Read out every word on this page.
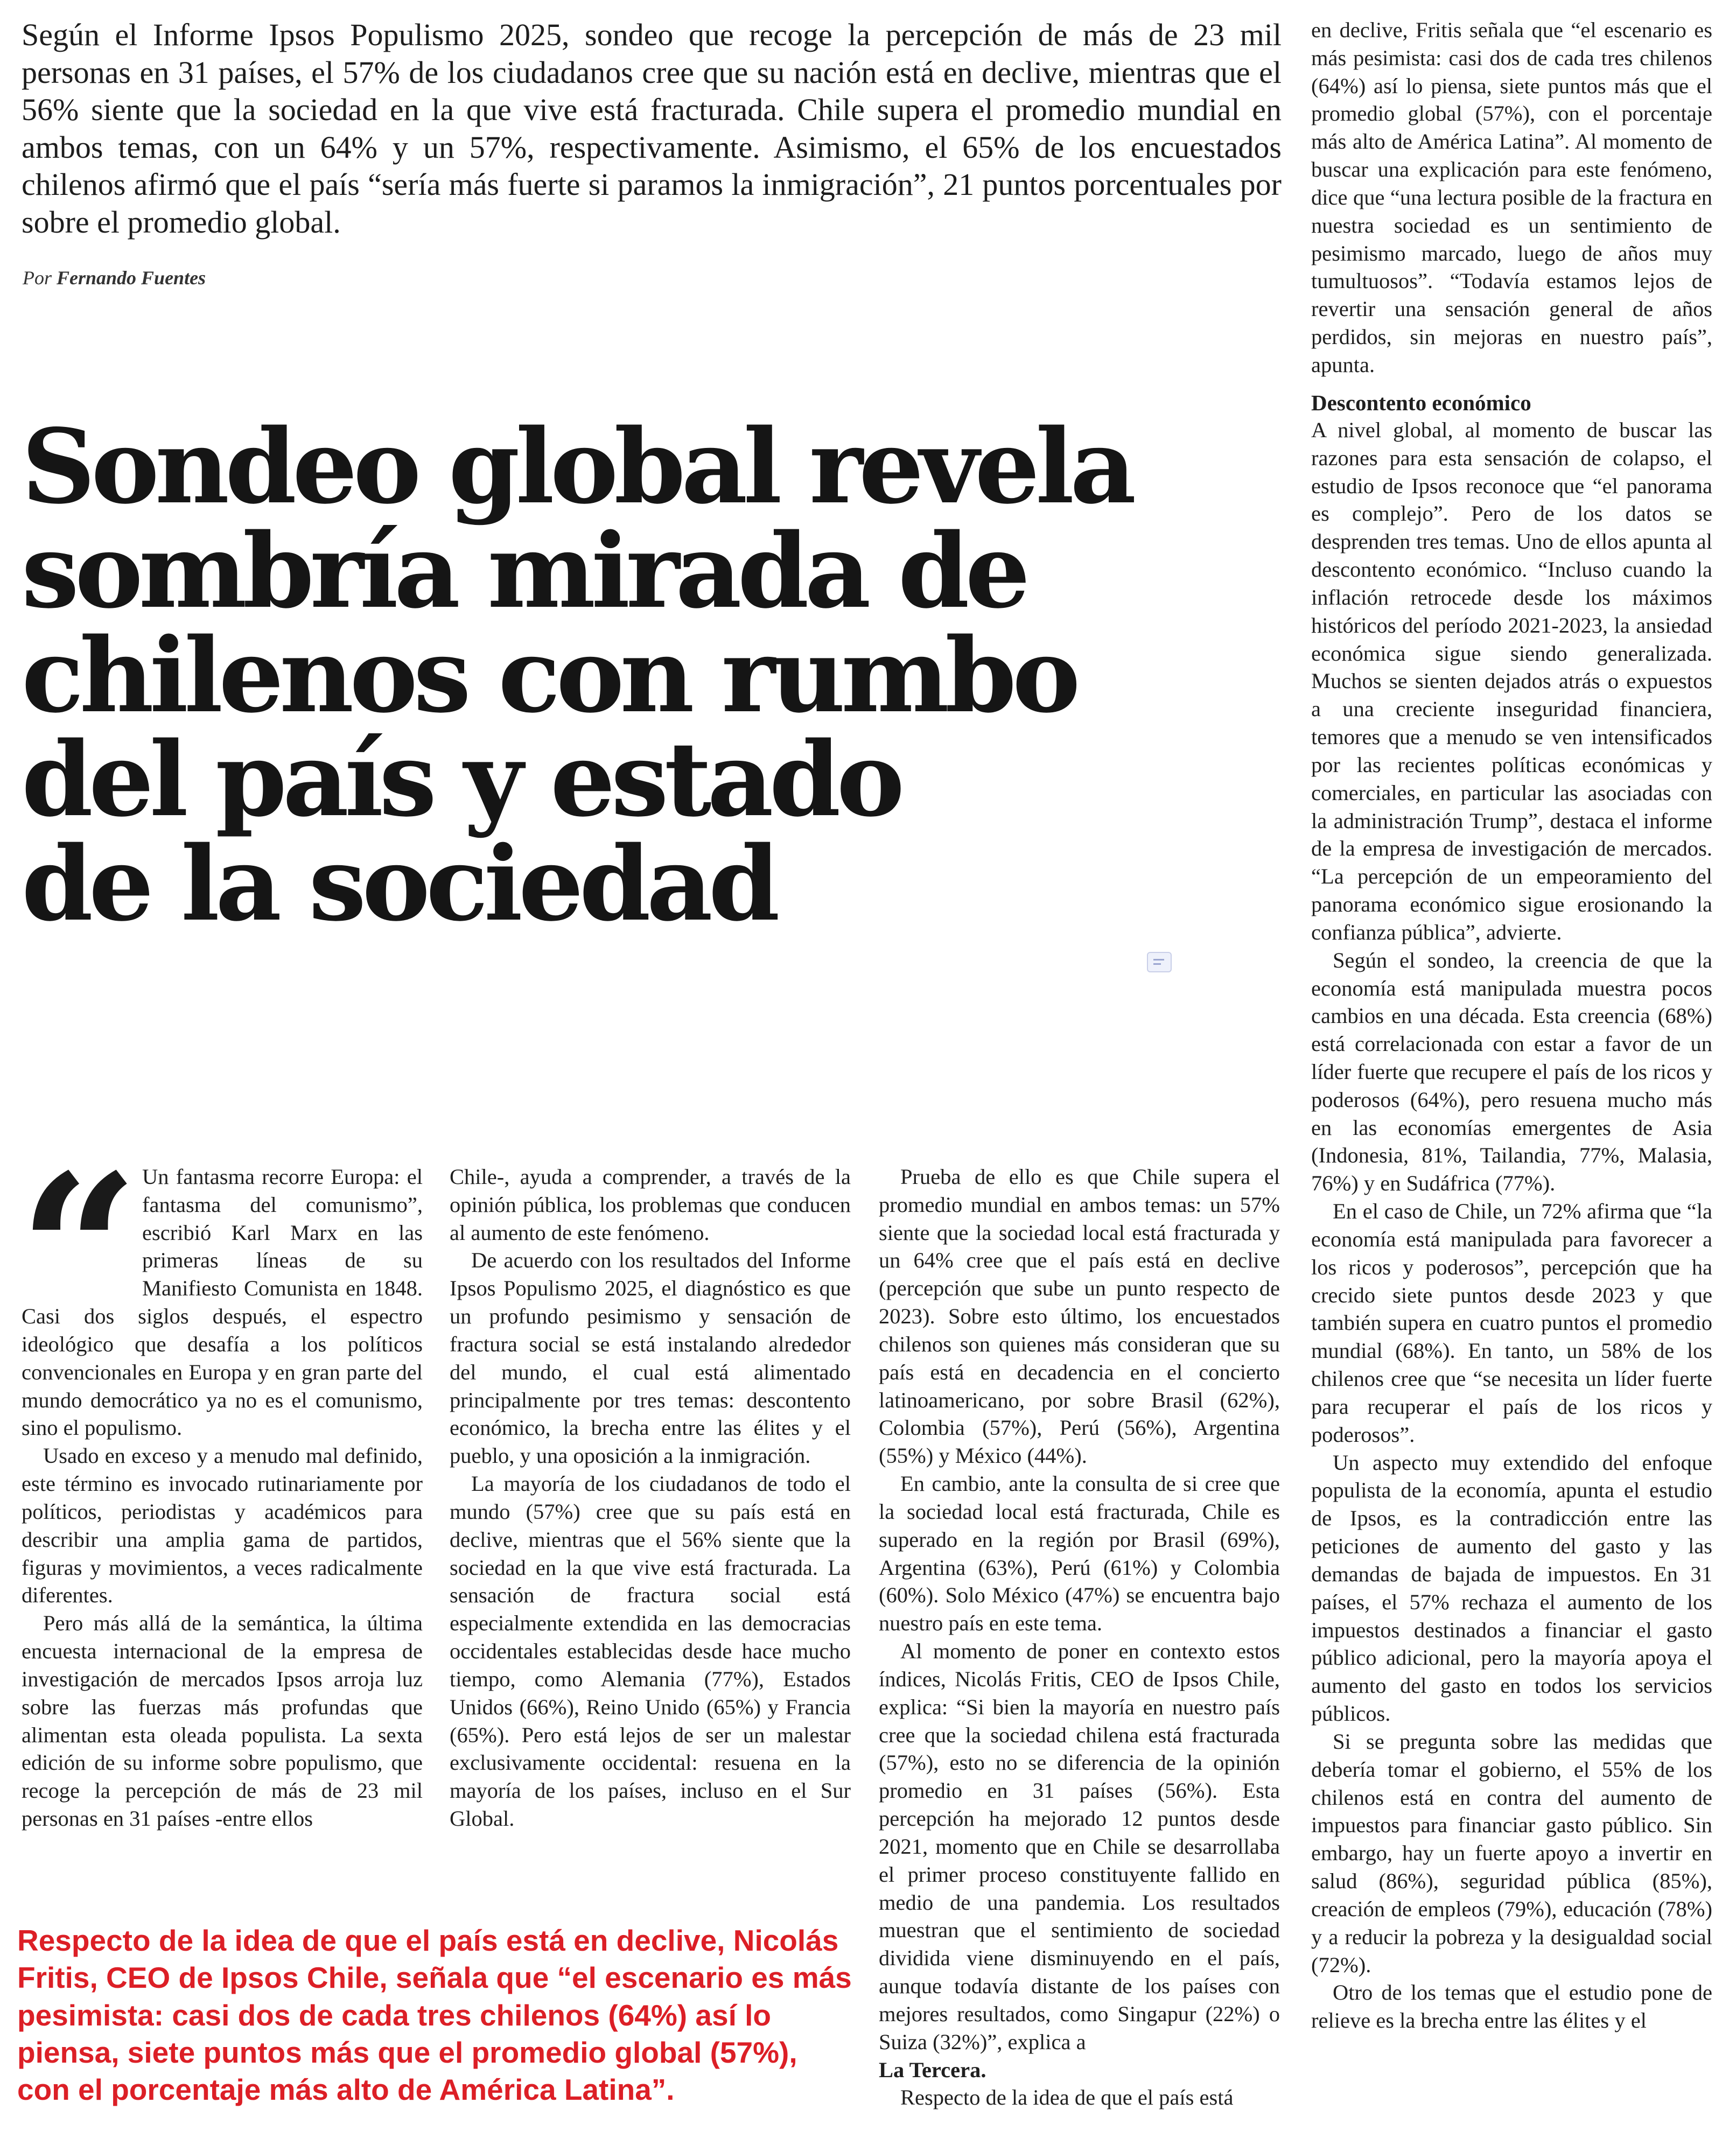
Según el Informe Ipsos Populismo 2025, sondeo que recoge la percepción de más de 23 mil personas en 31 países, el 57% de los ciudadanos cree que su nación está en declive, mientras que el 56% siente que la sociedad en la que vive está fracturada. Chile supera el promedio mundial en ambos temas, con un 64% y un 57%, respectivamente. Asimismo, el 65% de los encuestados chilenos afirmó que el país “sería más fuerte si paramos la inmigración”, 21 puntos porcentuales por sobre el promedio global.
Por Fernando Fuentes
Sondeo global revela
sombría mirada de
chilenos con rumbo
del país y estado
de la sociedad
“ Un fantasma recorre Europa: el fantasma del comunismo”, escribió Karl Marx en las primeras líneas de su Manifiesto Comunista en 1848. Casi dos siglos después, el espectro ideológico que desafía a los políticos convencionales en Europa y en gran parte del mundo democrático ya no es el comunismo, sino el populismo.

Usado en exceso y a menudo mal definido, este término es invocado rutinariamente por políticos, periodistas y académicos para describir una amplia gama de partidos, figuras y movimientos, a veces radicalmente diferentes.

Pero más allá de la semántica, la última encuesta internacional de la empresa de investigación de mercados Ipsos arroja luz sobre las fuerzas más profundas que alimentan esta oleada populista. La sexta edición de su informe sobre populismo, que recoge la percepción de más de 23 mil personas en 31 países -entre ellos

Chile-, ayuda a comprender, a través de la opinión pública, los problemas que conducen al aumento de este fenómeno.

De acuerdo con los resultados del Informe Ipsos Populismo 2025, el diagnóstico es que un profundo pesimismo y sensación de fractura social se está instalando alrededor del mundo, el cual está alimentado principalmente por tres temas: descontento económico, la brecha entre las élites y el pueblo, y una oposición a la inmigración.

La mayoría de los ciudadanos de todo el mundo (57%) cree que su país está en declive, mientras que el 56% siente que la sociedad en la que vive está fracturada. La sensación de fractura social está especialmente extendida en las democracias occidentales establecidas desde hace mucho tiempo, como Alemania (77%), Estados Unidos (66%), Reino Unido (65%) y Francia (65%). Pero está lejos de ser un malestar exclusivamente occidental: resuena en la mayoría de los países, incluso en el Sur Global.

Prueba de ello es que Chile supera el promedio mundial en ambos temas: un 57% siente que la sociedad local está fracturada y un 64% cree que el país está en declive (percepción que sube un punto respecto de 2023). Sobre esto último, los encuestados chilenos son quienes más consideran que su país está en decadencia en el concierto latinoamericano, por sobre Brasil (62%), Colombia (57%), Perú (56%), Argentina (55%) y México (44%).

En cambio, ante la consulta de si cree que la sociedad local está fracturada, Chile es superado en la región por Brasil (69%), Argentina (63%), Perú (61%) y Colombia (60%). Solo México (47%) se encuentra bajo nuestro país en este tema.

Al momento de poner en contexto estos índices, Nicolás Fritis, CEO de Ipsos Chile, explica: “Si bien la mayoría en nuestro país cree que la sociedad chilena está fracturada (57%), esto no se diferencia de la opinión promedio en 31 países (56%). Esta percepción ha mejorado 12 puntos desde 2021, momento que en Chile se desarrollaba el primer proceso constituyente fallido en medio de una pandemia. Los resultados muestran que el sentimiento de sociedad dividida viene disminuyendo en el país, aunque todavía distante de los países con mejores resultados, como Singapur (22%) o Suiza (32%)”, explica a
La Tercera.

Respecto de la idea de que el país está

en declive, Fritis señala que “el escenario es más pesimista: casi dos de cada tres chilenos (64%) así lo piensa, siete puntos más que el promedio global (57%), con el porcentaje más alto de América Latina”. Al momento de buscar una explicación para este fenómeno, dice que “una lectura posible de la fractura en nuestra sociedad es un sentimiento de pesimismo marcado, luego de años muy tumultuosos”. “Todavía estamos lejos de revertir una sensación general de años perdidos, sin mejoras en nuestro país”, apunta.

Descontento económico

A nivel global, al momento de buscar las razones para esta sensación de colapso, el estudio de Ipsos reconoce que “el panorama es complejo”. Pero de los datos se desprenden tres temas. Uno de ellos apunta al descontento económico. “Incluso cuando la inflación retrocede desde los máximos históricos del período 2021-2023, la ansiedad económica sigue siendo generalizada. Muchos se sienten dejados atrás o expuestos a una creciente inseguridad financiera, temores que a menudo se ven intensificados por las recientes políticas económicas y comerciales, en particular las asociadas con la administración Trump”, destaca el informe de la empresa de investigación de mercados. “La percepción de un empeoramiento del panorama económico sigue erosionando la confianza pública”, advierte.

Según el sondeo, la creencia de que la economía está manipulada muestra pocos cambios en una década. Esta creencia (68%) está correlacionada con estar a favor de un líder fuerte que recupere el país de los ricos y poderosos (64%), pero resuena mucho más en las economías emergentes de Asia (Indonesia, 81%, Tailandia, 77%, Malasia, 76%) y en Sudáfrica (77%).

En el caso de Chile, un 72% afirma que “la economía está manipulada para favorecer a los ricos y poderosos”, percepción que ha crecido siete puntos desde 2023 y que también supera en cuatro puntos el promedio mundial (68%). En tanto, un 58% de los chilenos cree que “se necesita un líder fuerte para recuperar el país de los ricos y poderosos”.

Un aspecto muy extendido del enfoque populista de la economía, apunta el estudio de Ipsos, es la contradicción entre las peticiones de aumento del gasto y las demandas de bajada de impuestos. En 31 países, el 57% rechaza el aumento de los impuestos destinados a financiar el gasto público adicional, pero la mayoría apoya el aumento del gasto en todos los servicios públicos.

Si se pregunta sobre las medidas que debería tomar el gobierno, el 55% de los chilenos está en contra del aumento de impuestos para financiar gasto público. Sin embargo, hay un fuerte apoyo a invertir en salud (86%), seguridad pública (85%), creación de empleos (79%), educación (78%) y a reducir la pobreza y la desigualdad social (72%).

Otro de los temas que el estudio pone de relieve es la brecha entre las élites y el

Respecto de la idea de que el país está en declive, Nicolás Fritis, CEO de Ipsos Chile, señala que “el escenario es más pesimista: casi dos de cada tres chilenos (64%) así lo piensa, siete puntos más que el promedio global (57%), con el porcentaje más alto de América Latina”.
